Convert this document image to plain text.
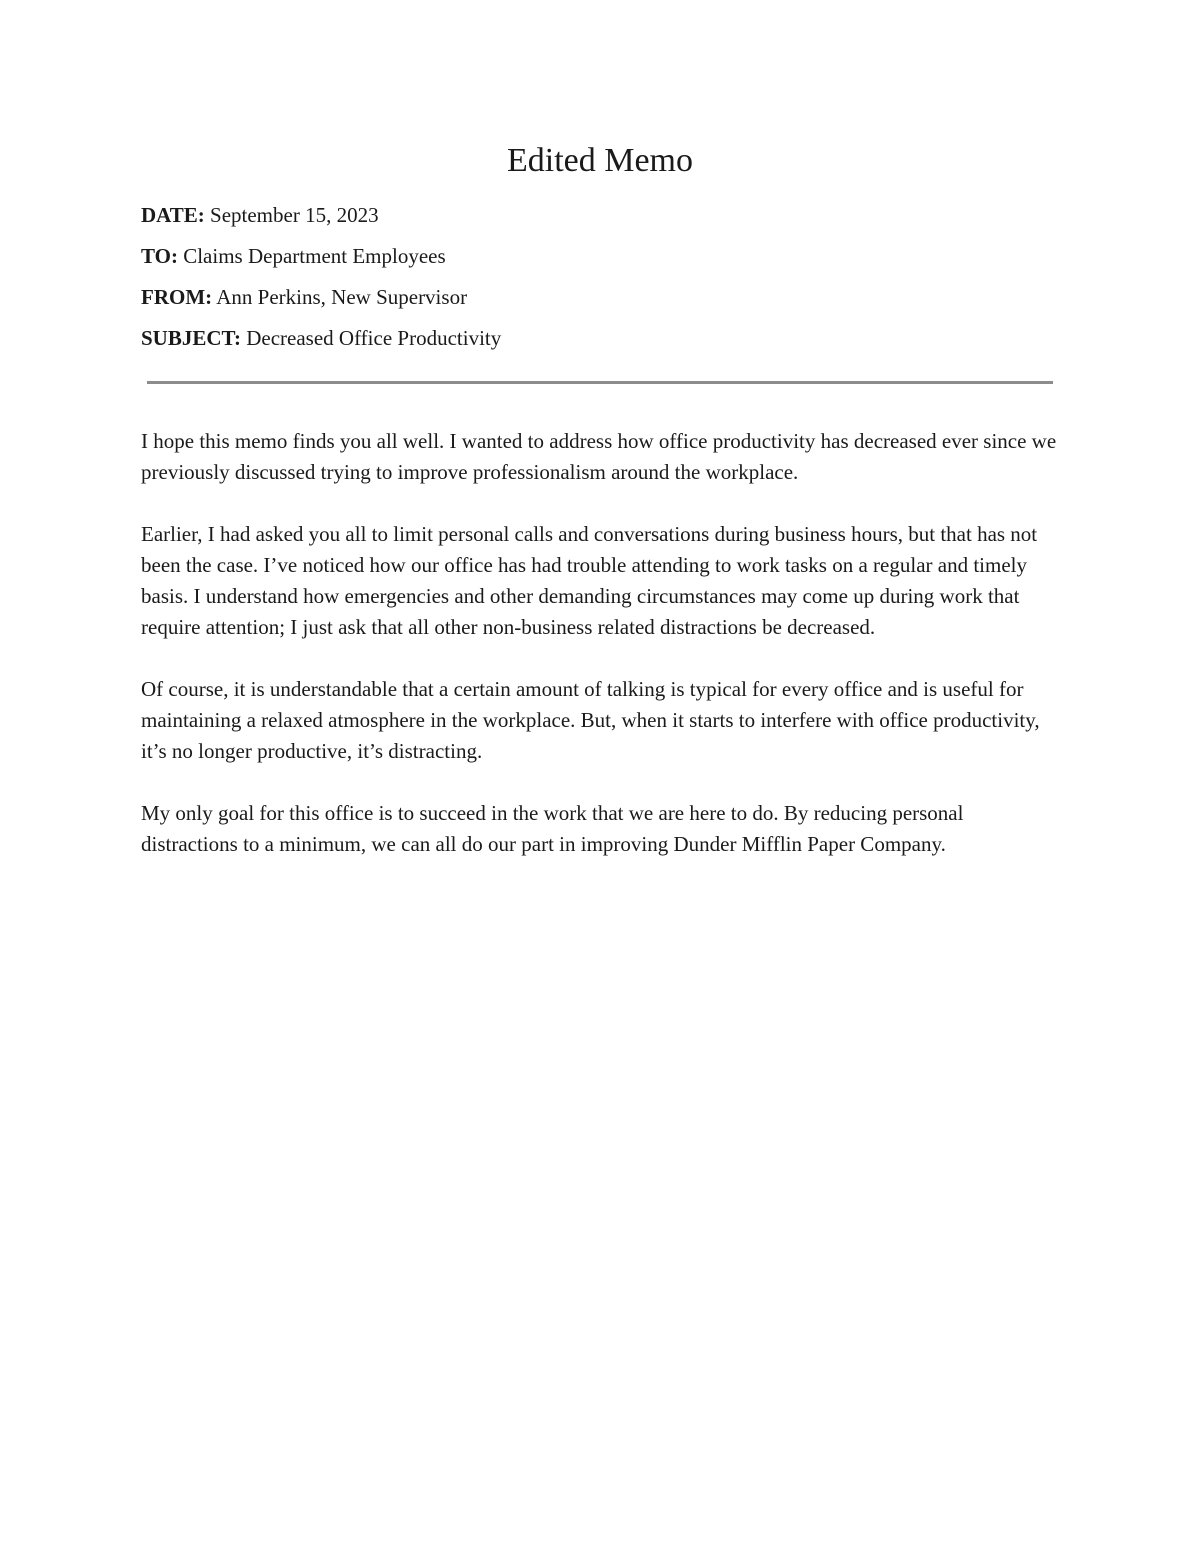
Edited Memo
DATE: September 15, 2023
TO: Claims Department Employees
FROM: Ann Perkins, New Supervisor
SUBJECT: Decreased Office Productivity

I hope this memo finds you all well. I wanted to address how office productivity has decreased ever since we previously discussed trying to improve professionalism around the workplace.

Earlier, I had asked you all to limit personal calls and conversations during business hours, but that has not been the case. I’ve noticed how our office has had trouble attending to work tasks on a regular and timely basis. I understand how emergencies and other demanding circumstances may come up during work that require attention; I just ask that all other non-business related distractions be decreased.

Of course, it is understandable that a certain amount of talking is typical for every office and is useful for maintaining a relaxed atmosphere in the workplace. But, when it starts to interfere with office productivity, it’s no longer productive, it’s distracting.

My only goal for this office is to succeed in the work that we are here to do. By reducing personal distractions to a minimum, we can all do our part in improving Dunder Mifflin Paper Company.
